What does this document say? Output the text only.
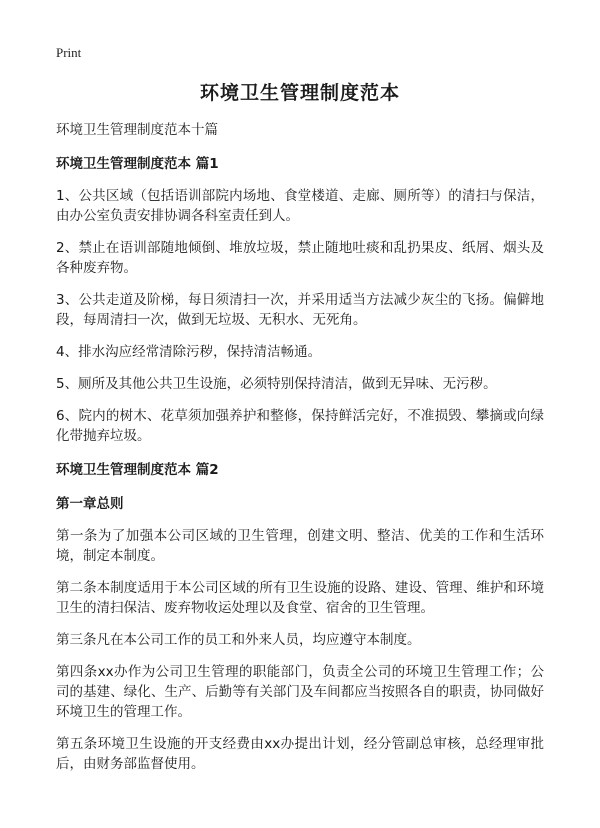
Print

环境卫生管理制度范本

环境卫生管理制度范本十篇

环境卫生管理制度范本 篇1

1、公共区域（包括语训部院内场地、食堂楼道、走廊、厕所等）的清扫与保洁，由办公室负责安排协调各科室责任到人。

2、禁止在语训部随地倾倒、堆放垃圾，禁止随地吐痰和乱扔果皮、纸屑、烟头及各种废弃物。

3、公共走道及阶梯，每日须清扫一次，并采用适当方法减少灰尘的飞扬。偏僻地段，每周清扫一次，做到无垃圾、无积水、无死角。

4、排水沟应经常清除污秽，保持清洁畅通。

5、厕所及其他公共卫生设施，必须特别保持清洁，做到无异味、无污秽。

6、院内的树木、花草须加强养护和整修，保持鲜活完好，不准损毁、攀摘或向绿化带抛弃垃圾。

环境卫生管理制度范本 篇2
第一章总则

第一条为了加强本公司区域的卫生管理，创建文明、整洁、优美的工作和生活环境，制定本制度。

第二条本制度适用于本公司区域的所有卫生设施的设路、建设、管理、维护和环境卫生的清扫保洁、废弃物收运处理以及食堂、宿舍的卫生管理。

第三条凡在本公司工作的员工和外来人员，均应遵守本制度。

第四条xx办作为公司卫生管理的职能部门，负责全公司的环境卫生管理工作；公司的基建、绿化、生产、后勤等有关部门及车间都应当按照各自的职责，协同做好环境卫生的管理工作。

第五条环境卫生设施的开支经费由xx办提出计划，经分管副总审核，总经理审批后，由财务部监督使用。
